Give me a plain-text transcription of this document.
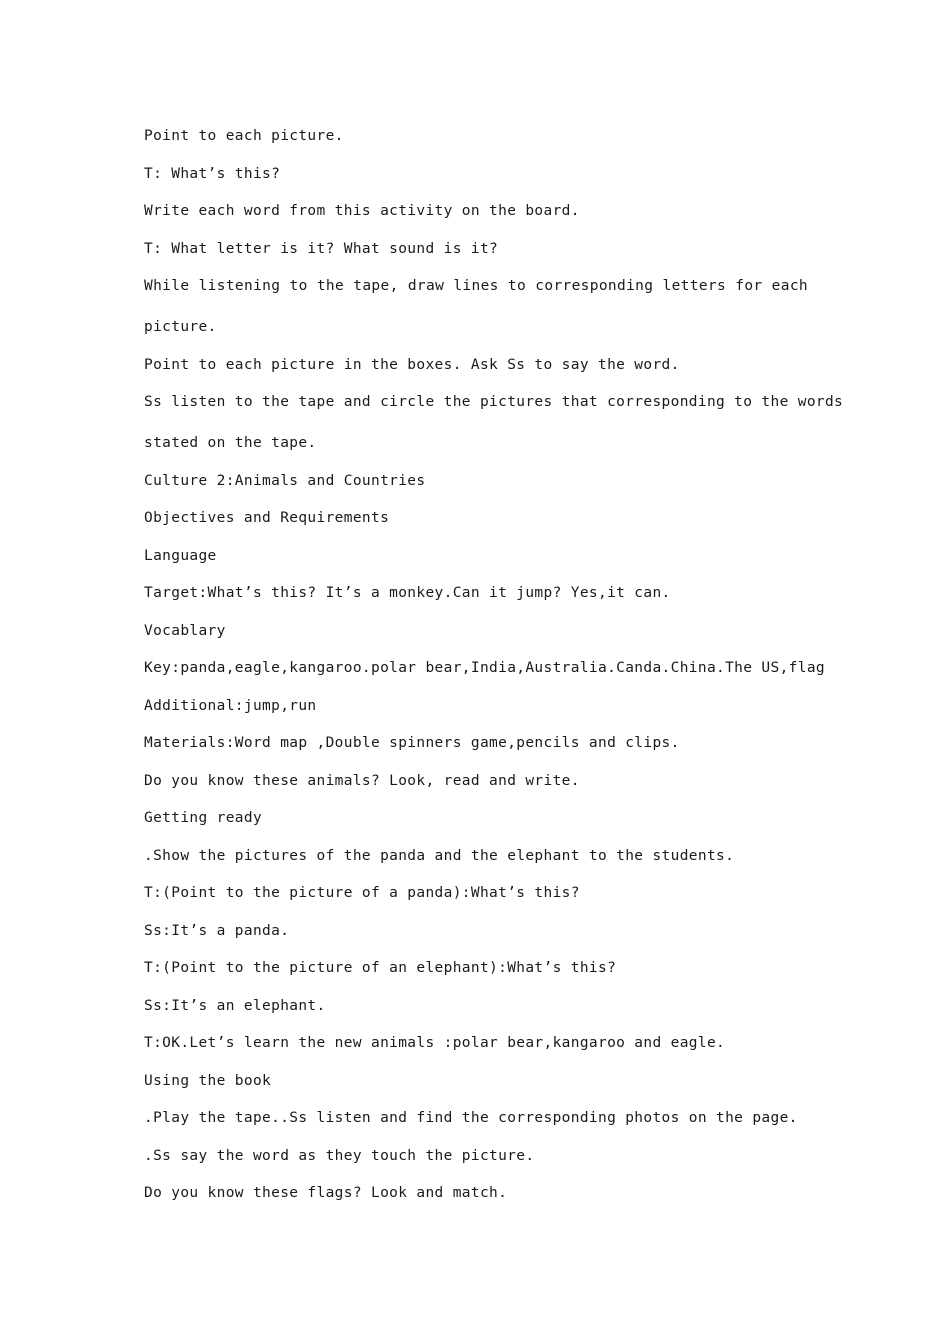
Point to each picture.
T: What’s this?
Write each word from this activity on the board.
T: What letter is it? What sound is it?
While listening to the tape, draw lines to corresponding letters for each
picture.
Point to each picture in the boxes. Ask Ss to say the word.
Ss listen to the tape and circle the pictures that corresponding to the words
stated on the tape.
Culture 2:Animals and Countries
Objectives and Requirements
Language
Target:What’s this? It’s a monkey.Can it jump? Yes,it can.
Vocablary
Key:panda,eagle,kangaroo.polar bear,India,Australia.Canda.China.The US,flag
Additional:jump,run
Materials:Word map ,Double spinners game,pencils and clips.
Do you know these animals? Look, read and write.
Getting ready
.Show the pictures of the panda and the elephant to the students.
T:(Point to the picture of a panda):What’s this?
Ss:It’s a panda.
T:(Point to the picture of an elephant):What’s this?
Ss:It’s an elephant.
T:OK.Let’s learn the new animals :polar bear,kangaroo and eagle.
Using the book
.Play the tape..Ss listen and find the corresponding photos on the page.
.Ss say the word as they touch the picture.
Do you know these flags? Look and match.
